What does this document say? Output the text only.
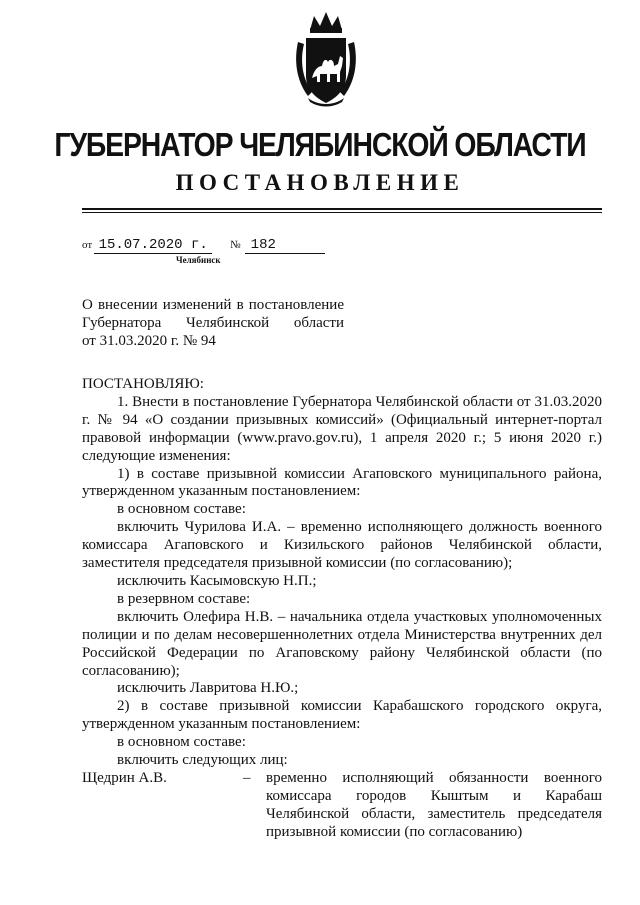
ГУБЕРНАТОР ЧЕЛЯБИНСКОЙ ОБЛАСТИ
ПОСТАНОВЛЕНИЕ
от 15.07.2020 г. № 182
Челябинск
О внесении изменений в постановление
Губернатора Челябинской области
от 31.03.2020 г. № 94
ПОСТАНОВЛЯЮ:
1. Внести в постановление Губернатора Челябинской области от 31.03.2020 г. № 94 «О создании призывных комиссий» (Официальный интернет-портал правовой информации (www.pravo.gov.ru), 1 апреля 2020 г.; 5 июня 2020 г.) следующие изменения:
1) в составе призывной комиссии Агаповского муниципального района, утвержденном указанным постановлением:
в основном составе:
включить Чурилова И.А. – временно исполняющего должность военного комиссара Агаповского и Кизильского районов Челябинской области, заместителя председателя призывной комиссии (по согласованию);
исключить Касымовскую Н.П.;
в резервном составе:
включить Олефира Н.В. – начальника отдела участковых уполномоченных полиции и по делам несовершеннолетних отдела Министерства внутренних дел Российской Федерации по Агаповскому району Челябинской области (по согласованию);
исключить Лавритова Н.Ю.;
2) в составе призывной комиссии Карабашского городского округа, утвержденном указанным постановлением:
в основном составе:
включить следующих лиц:
Щедрин А.В.	–	временно исполняющий обязанности военного комиссара городов Кыштым и Карабаш Челябинской области, заместитель председателя призывной комиссии (по согласованию)
